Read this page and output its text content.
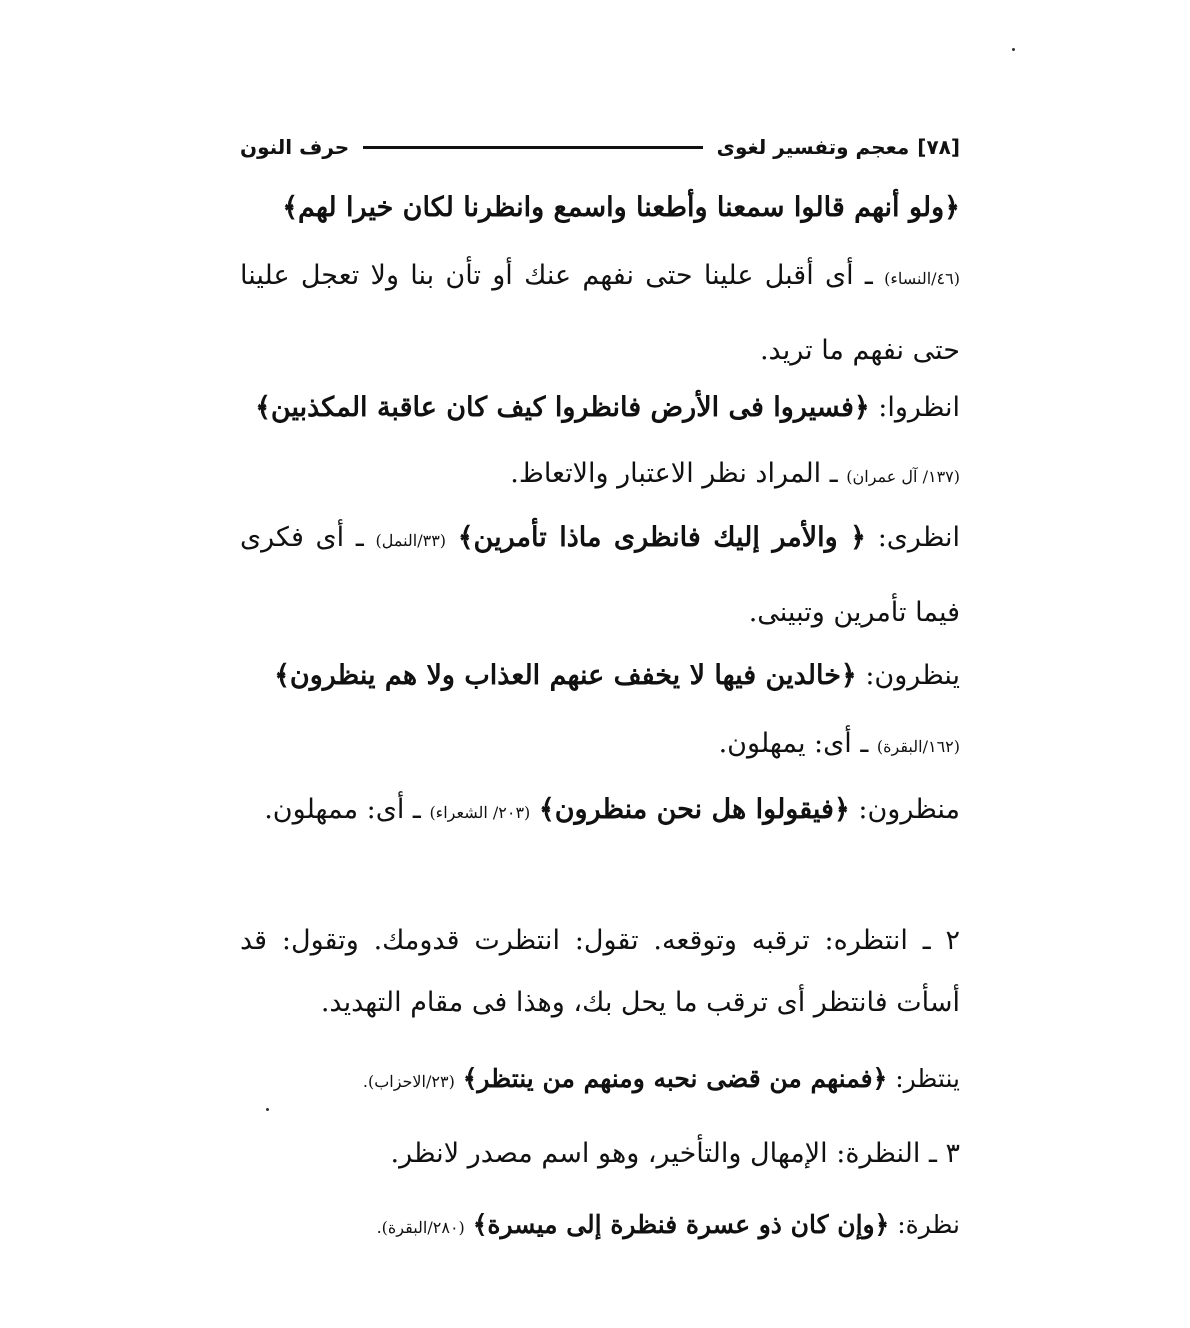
[٧٨]
معجم وتفسير لغوى
حرف النون
﴿ولو أنهم قالوا سمعنا وأطعنا واسمع وانظرنا لكان خيرا لهم﴾
(٤٦/النساء) ـ أى أقبل علينا حتى نفهم عنك أو تأن بنا ولا تعجل علينا حتى نفهم ما تريد.
انظروا: ﴿فسيروا فى الأرض فانظروا كيف كان عاقبة المكذبين﴾
(١٣٧/ آل عمران) ـ المراد نظر الاعتبار والاتعاظ.
انظرى: ﴿ والأمر إليك فانظرى ماذا تأمرين﴾ (٣٣/النمل) ـ أى فكرى فيما تأمرين وتبينى.
ينظرون: ﴿خالدين فيها لا يخفف عنهم العذاب ولا هم ينظرون﴾
(١٦٢/البقرة) ـ أى: يمهلون.
منظرون: ﴿فيقولوا هل نحن منظرون﴾ (٢٠٣/ الشعراء) ـ أى: ممهلون.
٢ ـ انتظره: ترقبه وتوقعه. تقول: انتظرت قدومك. وتقول: قد أسأت فانتظر أى ترقب ما يحل بك، وهذا فى مقام التهديد.
ينتظر: ﴿فمنهم من قضى نحبه ومنهم من ينتظر﴾ (٢٣/الاحزاب).
٣ ـ النظرة: الإمهال والتأخير، وهو اسم مصدر لانظر.
نظرة: ﴿وإن كان ذو عسرة فنظرة إلى ميسرة﴾ (٢٨٠/البقرة).
